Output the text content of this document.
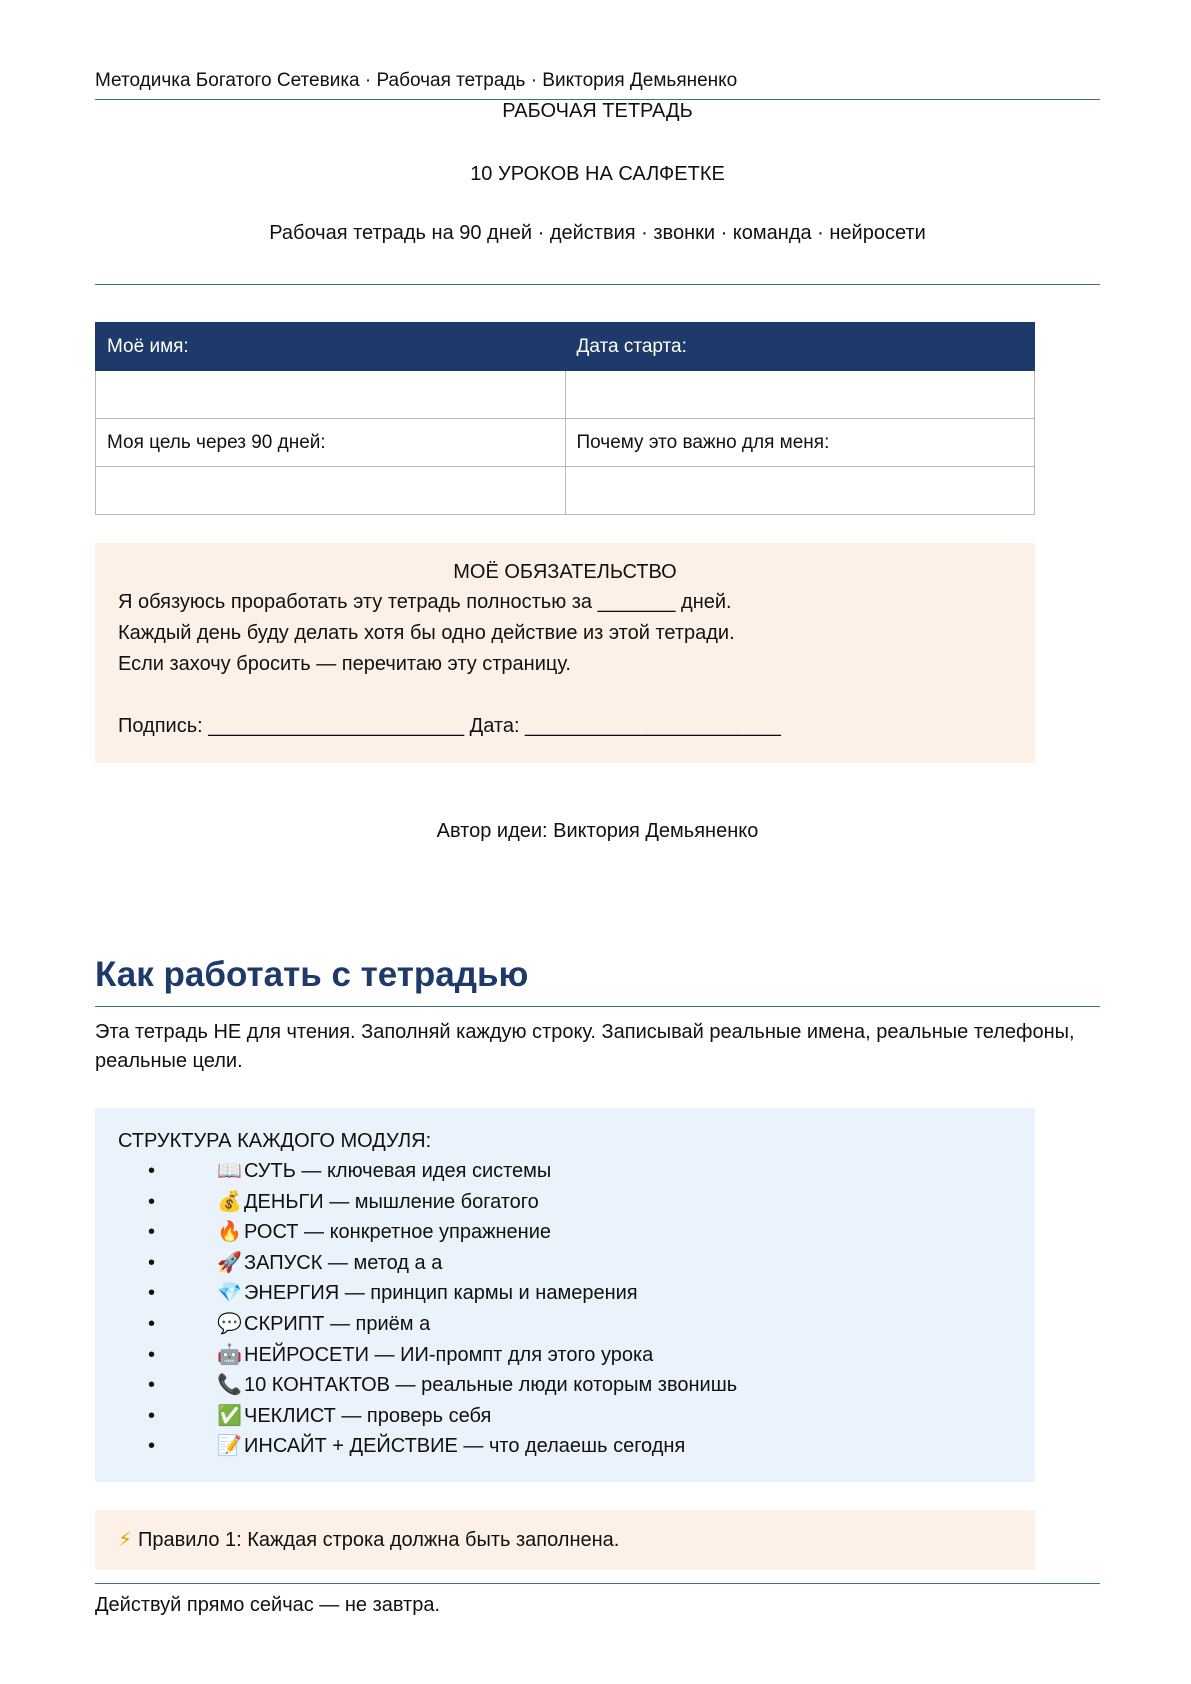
Методичка Богатого Сетевика · Рабочая тетрадь · Виктория Демьяненко
РАБОЧАЯ ТЕТРАДЬ
10 УРОКОВ НА САЛФЕТКЕ
Рабочая тетрадь на 90 дней · действия · звонки · команда · нейросети
Моё имя:	Дата старта:

Моя цель через 90 дней:	Почему это важно для меня:

МОЁ ОБЯЗАТЕЛЬСТВО
Я обязуюсь проработать эту тетрадь полностью за _______ дней.
Каждый день буду делать хотя бы одно действие из этой тетради.
Если захочу бросить — перечитаю эту страницу.
Подпись: _______________________ Дата: _______________________
Автор идеи: Виктория Демьяненко
Как работать с тетрадью
Эта тетрадь НЕ для чтения. Заполняй каждую строку. Записывай реальные имена, реальные телефоны, реальные цели.
СТРУКТУРА КАЖДОГО МОДУЛЯ:
•	📖 СУТЬ — ключевая идея системы
•	💰 ДЕНЬГИ — мышление богатого
•	🔥 РОСТ — конкретное упражнение
•	🚀 ЗАПУСК — метод а а
•	💎 ЭНЕРГИЯ — принцип кармы и намерения
•	💬 СКРИПТ — приём а
•	🤖 НЕЙРОСЕТИ — ИИ-промпт для этого урока
•	📞 10 КОНТАКТОВ — реальные люди которым звонишь
•	✅ ЧЕКЛИСТ — проверь себя
•	📝 ИНСАЙТ + ДЕЙСТВИЕ — что делаешь сегодня
⚡ Правило 1: Каждая строка должна быть заполнена.
Действуй прямо сейчас — не завтра.
